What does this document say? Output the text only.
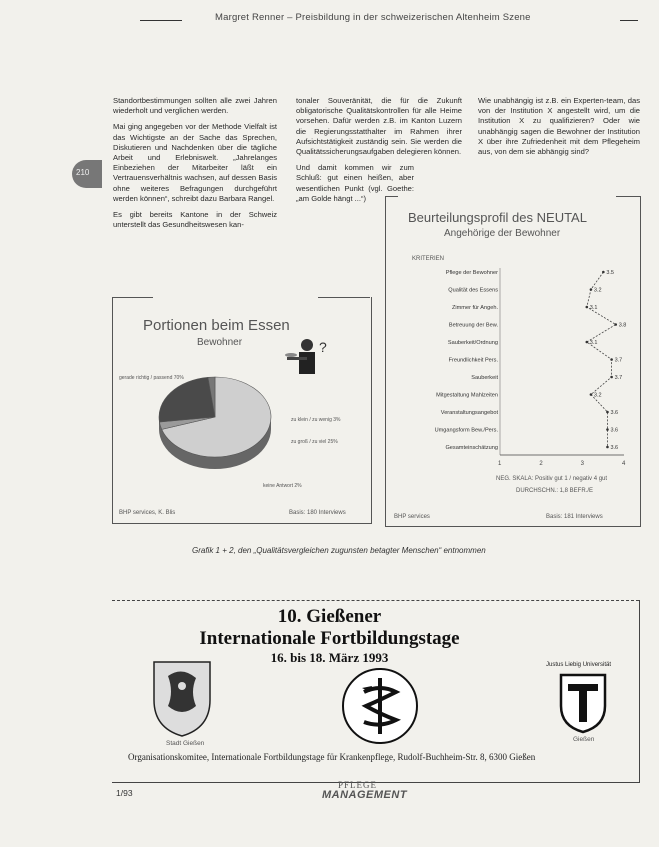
Margret Renner – Preisbildung in der schweizerischen Altenheim Szene
210

Standortbestimmungen sollten alle zwei Jahren wiederholt und verglichen werden.

Mai ging angegeben vor der Methode Vielfalt ist das Wichtigste an der Sache das Sprechen, Diskutieren und Nachdenken über die tägliche Arbeit und Erlebniswelt. „Jahrelanges Einbeziehen der Mitarbeiter läßt ein Vertrauensverhältnis wachsen, auf dessen Basis ohne weiteres Befragungen durchgeführt werden können“, schreibt dazu Barbara Rangel.

Es gibt bereits Kantone in der Schweiz unterstellt das Gesundheitswesen kan-

tonaler Souveränität, die für die Zukunft obligatorische Qualitätskontrollen für alle Heime vorsehen. Dafür werden z.B. im Kanton Luzern die Regierungsstatthalter im Rahmen ihrer Aufsichtstätigkeit zuständig sein. Sie werden die Qualitätssicherungsaufgaben delegieren können.

Und damit kommen wir zum Schluß: gut einen heißen, aber wesentlichen Punkt (vgl. Goethe: „am Golde hängt ...“)

Wie unabhängig ist z.B. ein Experten-team, das von der Institution X angestellt wird, um die Institution X zu qualifizieren? Oder wie unabhängig sagen die Bewohner der Institution X über ihre Zufriedenheit mit dem Pflegeheim aus, von dem sie abhängig sind?

Portionen beim Essen
Bewohner	?
BHP services, K. Blis	Basis: 180 Interviews
gerade richtig / passend 70%
zu klein / zu wenig 3%
zu groß / zu viel 25%
keine Antwort 2%
Beurteilungsprofil des NEUTAL
Angehörige der Bewohner
KRITERIEN
1	2	3	4
Pflege der Bewohner
Qualität des Essens
Zimmer für Angeh.
Betreuung der Bew.
Sauberkeit/Ordnung
Freundlichkeit Pers.
Sauberkeit
Mitgestaltung Mahlzeiten
Veranstaltungsangebot
Umgangsform Bew./Pers.
Gesamteinschätzung
3.5
3.2
3.1
3.8
3.1
3.7
3.7
3.2
3.6
3.6
3.6
NEG. SKALA: Positiv gut 1 / negativ 4 gut
DURCHSCHN.: 1,8 BEFR./E
BHP services	Basis: 181 Interviews
Grafik 1 + 2, den „Qualitätsvergleichen zugunsten betagter Menschen“ entnommen
10. Gießener
Internationale Fortbildungstage
16. bis 18. März 1993
Stadt Gießen
Justus Liebig Universität
Gießen
Organisationskomitee, Internationale Fortbildungstage für Krankenpflege, Rudolf-Buchheim-Str. 8, 6300 Gießen
1/93
PFLEGE
MANAGEMENT
